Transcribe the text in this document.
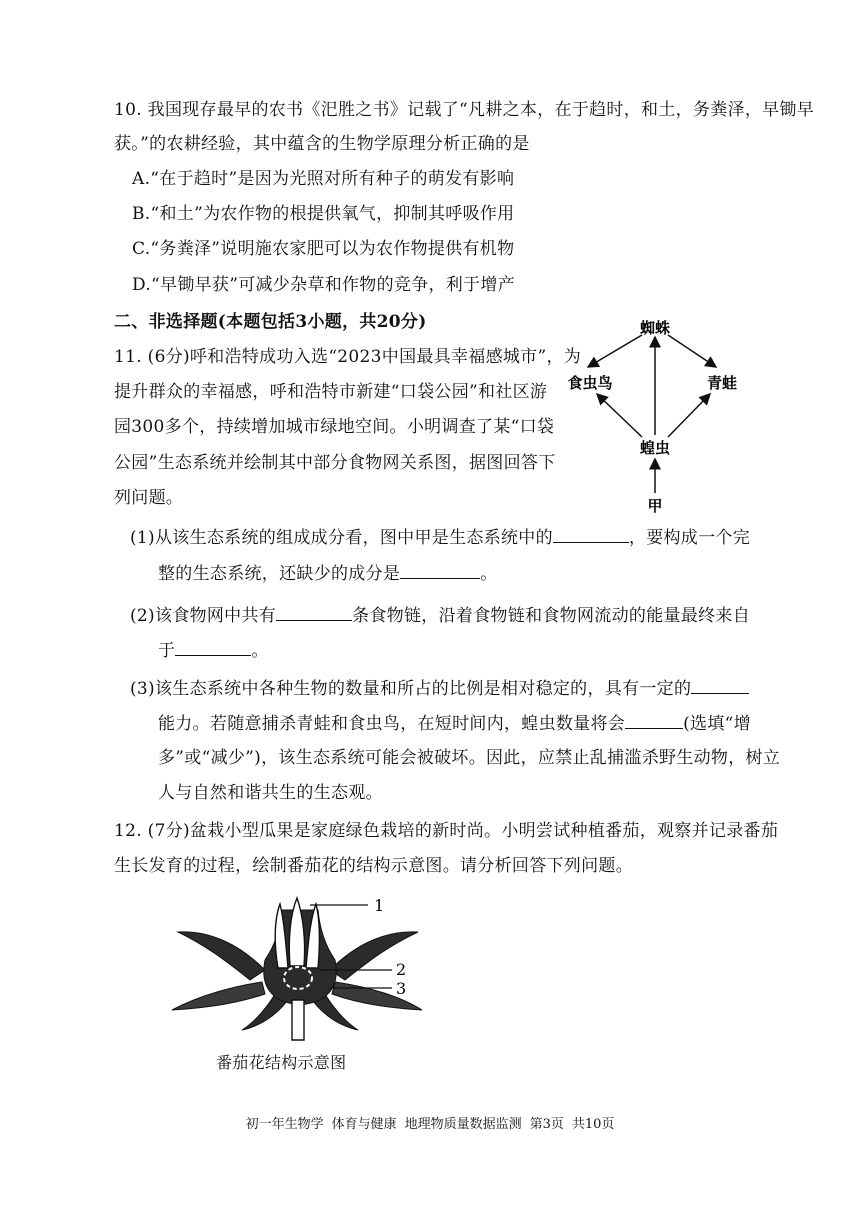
10. 我国现存最早的农书《汜胜之书》记载了“凡耕之本，在于趋时，和土，务粪泽，早锄早
获。”的农耕经验，其中蕴含的生物学原理分析正确的是
A.“在于趋时”是因为光照对所有种子的萌发有影响
B.“和土”为农作物的根提供氧气，抑制其呼吸作用
C.“务粪泽”说明施农家肥可以为农作物提供有机物
D.“早锄早获”可减少杂草和作物的竞争，利于增产
二、非选择题(本题包括3小题，共20分)
11. (6分)呼和浩特成功入选“2023中国最具幸福感城市”，为
提升群众的幸福感，呼和浩特市新建“口袋公园”和社区游
园300多个，持续增加城市绿地空间。小明调查了某“口袋
公园”生态系统并绘制其中部分食物网关系图，据图回答下
列问题。
蜘蛛
食虫鸟	青蛙
蝗虫
甲
(1)从该生态系统的组成成分看，图中甲是生态系统中的	，要构成一个完
整的生态系统，还缺少的成分是	。
(2)该食物网中共有	条食物链，沿着食物链和食物网流动的能量最终来自
于	。
(3)该生态系统中各种生物的数量和所占的比例是相对稳定的，具有一定的
能力。若随意捕杀青蛙和食虫鸟，在短时间内，蝗虫数量将会	(选填“增
多”或“减少”)，该生态系统可能会被破坏。因此，应禁止乱捕滥杀野生动物，树立
人与自然和谐共生的生态观。
12. (7分)盆栽小型瓜果是家庭绿色栽培的新时尚。小明尝试种植番茄，观察并记录番茄
生长发育的过程，绘制番茄花的结构示意图。请分析回答下列问题。
1
2
3
番茄花结构示意图
初一年生物学 体育与健康 地理物质量数据监测 第3页 共10页
